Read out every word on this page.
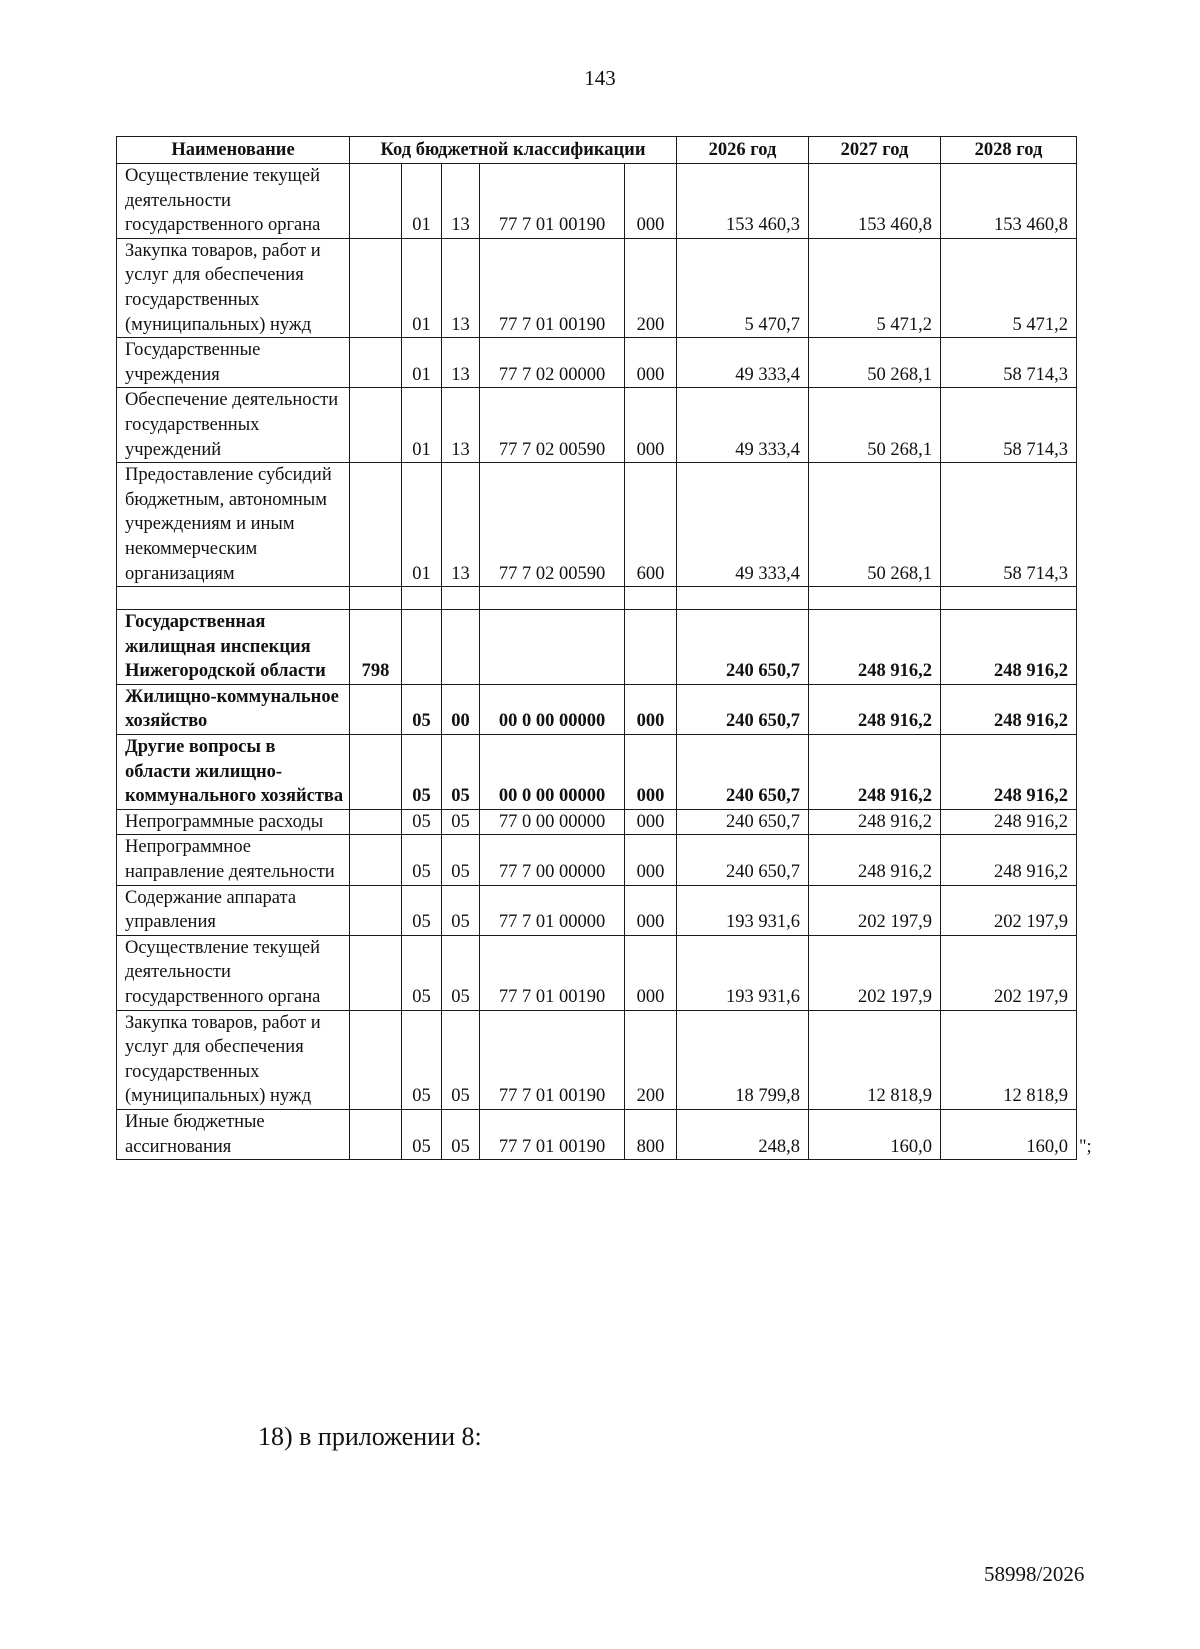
143
Наименование	Код бюджетной классификации					2026 год	2027 год	2028 год
Осуществление текущей деятельности государственного органа		01	13	77 7 01 00190	000	153 460,3	153 460,8	153 460,8
Закупка товаров, работ и услуг для обеспечения государственных (муниципальных) нужд		01	13	77 7 01 00190	200	5 470,7	5 471,2	5 471,2
Государственные учреждения		01	13	77 7 02 00000	000	49 333,4	50 268,1	58 714,3
Обеспечение деятельности государственных учреждений		01	13	77 7 02 00590	000	49 333,4	50 268,1	58 714,3
Предоставление субсидий бюджетным, автономным учреждениям и иным некоммерческим организациям		01	13	77 7 02 00590	600	49 333,4	50 268,1	58 714,3

Государственная жилищная инспекция Нижегородской области	798					240 650,7	248 916,2	248 916,2
Жилищно-коммунальное хозяйство		05	00	00 0 00 00000	000	240 650,7	248 916,2	248 916,2
Другие вопросы в области жилищно-коммунального хозяйства		05	05	00 0 00 00000	000	240 650,7	248 916,2	248 916,2
Непрограммные расходы		05	05	77 0 00 00000	000	240 650,7	248 916,2	248 916,2
Непрограммное направление деятельности		05	05	77 7 00 00000	000	240 650,7	248 916,2	248 916,2
Содержание аппарата управления		05	05	77 7 01 00000	000	193 931,6	202 197,9	202 197,9
Осуществление текущей деятельности государственного органа		05	05	77 7 01 00190	000	193 931,6	202 197,9	202 197,9
Закупка товаров, работ и услуг для обеспечения государственных (муниципальных) нужд		05	05	77 7 01 00190	200	18 799,8	12 818,9	12 818,9
Иные бюджетные ассигнования		05	05	77 7 01 00190	800	248,8	160,0	160,0 ";
18) в приложении 8:
58998/2026
